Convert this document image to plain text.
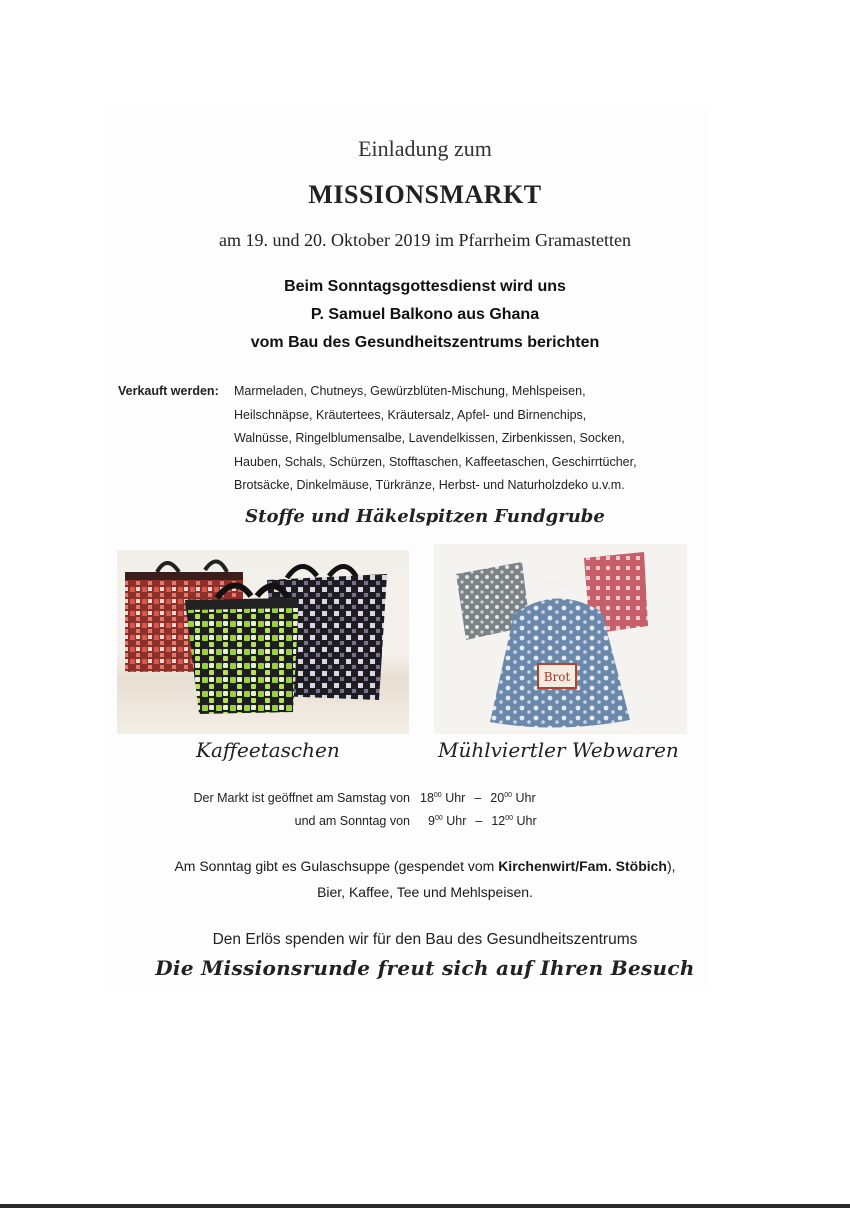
Einladung zum
MISSIONSMARKT
am 19. und 20. Oktober 2019 im Pfarrheim Gramastetten
Beim Sonntagsgottesdienst wird uns
P. Samuel Balkono aus Ghana
vom Bau des Gesundheitszentrums berichten
Verkauft werden: Marmeladen, Chutneys, Gewürzblüten-Mischung, Mehlspeisen,
Heilschnäpse, Kräutertees, Kräutersalz, Apfel- und Birnenchips,
Walnüsse, Ringelblumensalbe, Lavendelkissen, Zirbenkissen, Socken,
Hauben, Schals, Schürzen, Stofftaschen, Kaffeetaschen, Geschirrtücher,
Brotsäcke, Dinkelmäuse, Türkränze, Herbst- und Naturholzdeko u.v.m.
Stoffe und Häkelspitzen Fundgrube
Brot
Kaffeetaschen	Mühlviertler Webwaren
Der Markt ist geöffnet am Samstag von $18^{00}$ Uhr – $20^{00}$ Uhr
und am Sonntag von $9^{00}$ Uhr – $12^{00}$ Uhr
Am Sonntag gibt es Gulaschsuppe (gespendet vom Kirchenwirt/Fam. Stöbich),
Bier, Kaffee, Tee und Mehlspeisen.
Den Erlös spenden wir für den Bau des Gesundheitszentrums
Die Missionsrunde freut sich auf Ihren Besuch
